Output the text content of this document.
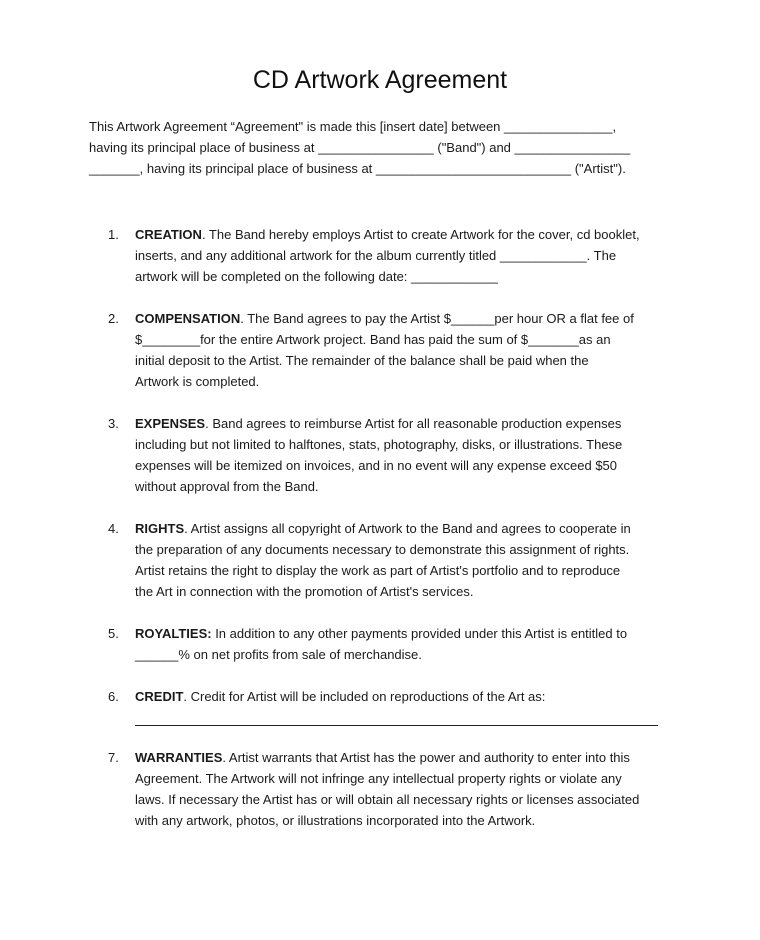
CD Artwork Agreement
This Artwork Agreement “Agreement" is made this [insert date] between _______________,
having its principal place of business at ________________ ("Band") and ________________
_______, having its principal place of business at ___________________________ ("Artist").
1.	CREATION. The Band hereby employs Artist to create Artwork for the cover, cd booklet,
inserts, and any additional artwork for the album currently titled ____________. The
artwork will be completed on the following date: ____________
2.	COMPENSATION. The Band agrees to pay the Artist $______per hour OR a flat fee of
$________for the entire Artwork project. Band has paid the sum of $_______as an
initial deposit to the Artist. The remainder of the balance shall be paid when the
Artwork is completed.
3.	EXPENSES. Band agrees to reimburse Artist for all reasonable production expenses
including but not limited to halftones, stats, photography, disks, or illustrations. These
expenses will be itemized on invoices, and in no event will any expense exceed $50
without approval from the Band.
4.	RIGHTS. Artist assigns all copyright of Artwork to the Band and agrees to cooperate in
the preparation of any documents necessary to demonstrate this assignment of rights.
Artist retains the right to display the work as part of Artist's portfolio and to reproduce
the Art in connection with the promotion of Artist's services.
5.	ROYALTIES: In addition to any other payments provided under this Artist is entitled to
______% on net profits from sale of merchandise.
6.	CREDIT. Credit for Artist will be included on reproductions of the Art as:
7.	WARRANTIES. Artist warrants that Artist has the power and authority to enter into this
Agreement. The Artwork will not infringe any intellectual property rights or violate any
laws. If necessary the Artist has or will obtain all necessary rights or licenses associated
with any artwork, photos, or illustrations incorporated into the Artwork.
